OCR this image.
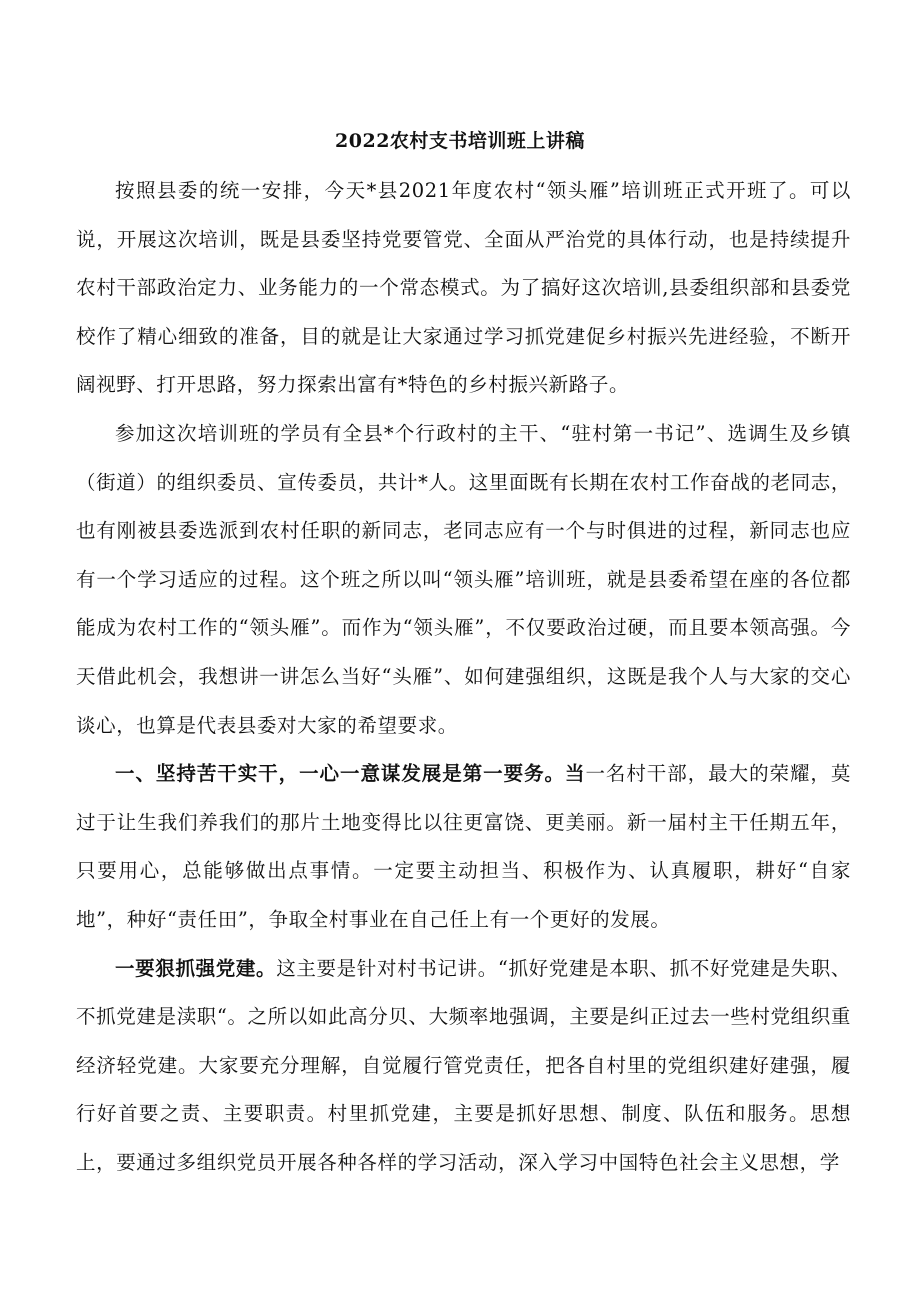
2022农村支书培训班上讲稿

按照县委的统一安排，今天*县2021年度农村“领头雁”培训班正式开班了。可以说，开展这次培训，既是县委坚持党要管党、全面从严治党的具体行动，也是持续提升农村干部政治定力、业务能力的一个常态模式。为了搞好这次培训,县委组织部和县委党校作了精心细致的准备，目的就是让大家通过学习抓党建促乡村振兴先进经验，不断开阔视野、打开思路，努力探索出富有*特色的乡村振兴新路子。

参加这次培训班的学员有全县*个行政村的主干、“驻村第一书记”、选调生及乡镇（街道）的组织委员、宣传委员，共计*人。这里面既有长期在农村工作奋战的老同志，也有刚被县委选派到农村任职的新同志，老同志应有一个与时俱进的过程，新同志也应有一个学习适应的过程。这个班之所以叫“领头雁”培训班，就是县委希望在座的各位都能成为农村工作的“领头雁”。而作为“领头雁”，不仅要政治过硬，而且要本领高强。今天借此机会，我想讲一讲怎么当好“头雁”、如何建强组织，这既是我个人与大家的交心谈心，也算是代表县委对大家的希望要求。

一、坚持苦干实干，一心一意谋发展是第一要务。当一名村干部，最大的荣耀，莫过于让生我们养我们的那片土地变得比以往更富饶、更美丽。新一届村主干任期五年，只要用心，总能够做出点事情。一定要主动担当、积极作为、认真履职，耕好“自家地”，种好“责任田”，争取全村事业在自己任上有一个更好的发展。

一要狠抓强党建。这主要是针对村书记讲。“抓好党建是本职、抓不好党建是失职、不抓党建是渎职“。之所以如此高分贝、大频率地强调，主要是纠正过去一些村党组织重经济轻党建。大家要充分理解，自觉履行管党责任，把各自村里的党组织建好建强，履行好首要之责、主要职责。村里抓党建，主要是抓好思想、制度、队伍和服务。思想上，要通过多组织党员开展各种各样的学习活动，深入学习中国特色社会主义思想，学
